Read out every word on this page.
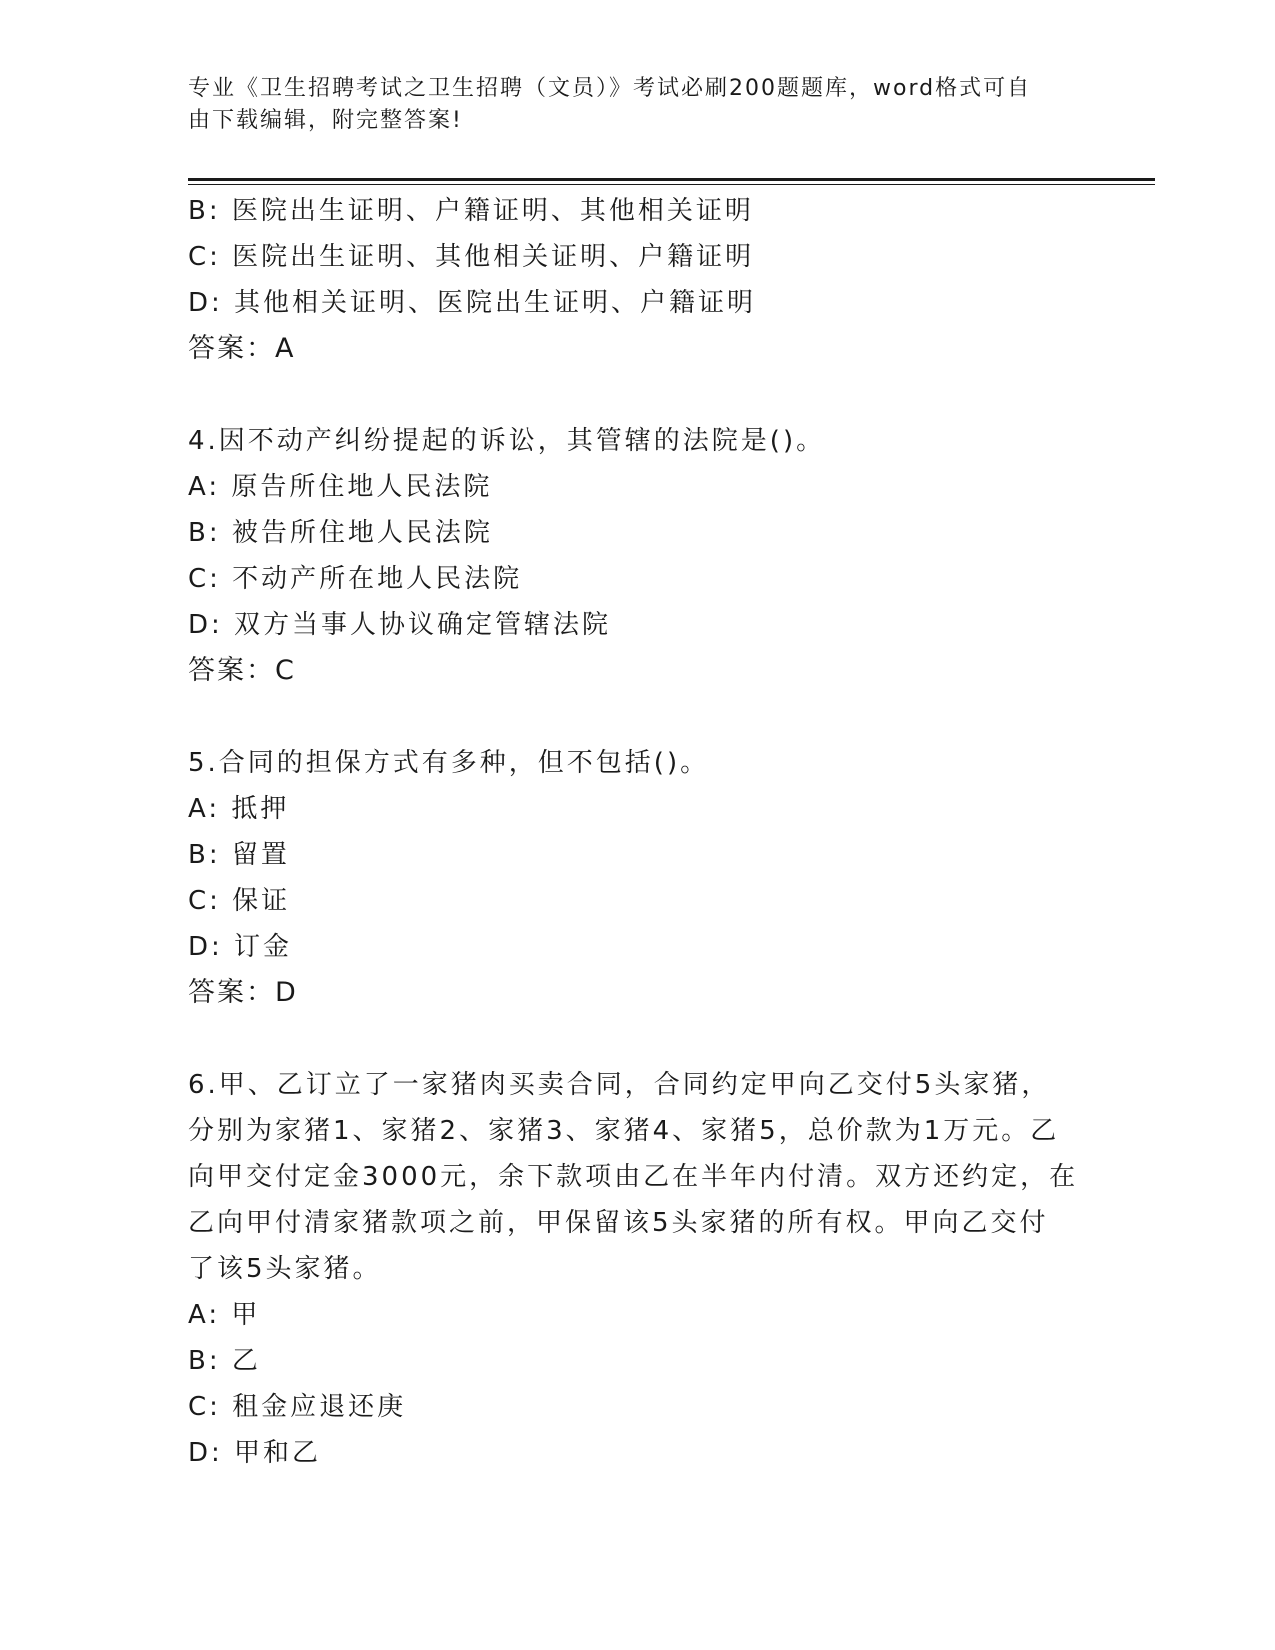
专业《卫生招聘考试之卫生招聘（文员）》考试必刷200题题库，word格式可自
由下载编辑，附完整答案!
B: 医院出生证明、户籍证明、其他相关证明
C: 医院出生证明、其他相关证明、户籍证明
D: 其他相关证明、医院出生证明、户籍证明
答案：A
4.因不动产纠纷提起的诉讼，其管辖的法院是()。
A: 原告所住地人民法院
B: 被告所住地人民法院
C: 不动产所在地人民法院
D: 双方当事人协议确定管辖法院
答案：C
5.合同的担保方式有多种，但不包括()。
A: 抵押
B: 留置
C: 保证
D: 订金
答案：D
6.甲、乙订立了一家猪肉买卖合同，合同约定甲向乙交付5头家猪，
分别为家猪1、家猪2、家猪3、家猪4、家猪5，总价款为1万元。乙
向甲交付定金3000元，余下款项由乙在半年内付清。双方还约定，在
乙向甲付清家猪款项之前，甲保留该5头家猪的所有权。甲向乙交付
了该5头家猪。
A: 甲
B: 乙
C: 租金应退还庚
D: 甲和乙
